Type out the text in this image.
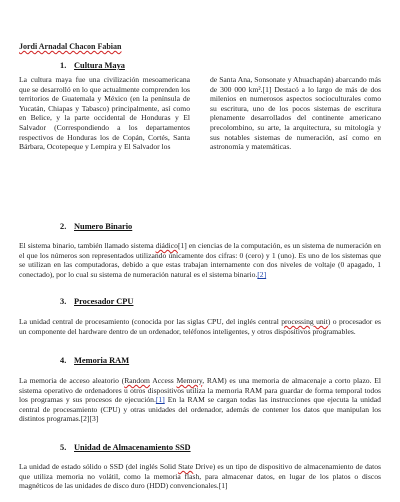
Jordi Arnadal Chacon Fabian
1. Cultura Maya

La cultura maya fue una civilización mesoamericana que se desarrolló en lo que actualmente comprenden los territorios de Guatemala y México (en la península de Yucatán, Chiapas y Tabasco) principalmente, así como en Belice, y la parte occidental de Honduras y El Salvador (Correspondiendo a los departamentos respectivos de Honduras los de Copán, Cortés, Santa Bárbara, Ocotepeque y Lempira y El Salvador los

de Santa Ana, Sonsonate y Ahuachapán) abarcando más de 300 000 km².[1] Destacó a lo largo de más de dos milenios en numerosos aspectos socioculturales como su escritura, uno de los pocos sistemas de escritura plenamente desarrollados del continente americano precolombino, su arte, la arquitectura, su mitología y sus notables sistemas de numeración, así como en astronomía y matemáticas.

2. Numero Binario

El sistema binario, también llamado sistema diádico[1] en ciencias de la computación, es un sistema de numeración en el que los números son representados utilizando únicamente dos cifras: 0 (cero) y 1 (uno). Es uno de los sistemas que se utilizan en las computadoras, debido a que estas trabajan internamente con dos niveles de voltaje (0 apagado, 1 conectado), por lo cual su sistema de numeración natural es el sistema binario.[2]

3. Procesador CPU

La unidad central de procesamiento (conocida por las siglas CPU, del inglés central processing unit) o procesador es un componente del hardware dentro de un ordenador, teléfonos inteligentes, y otros dispositivos programables.

4. Memoria RAM

La memoria de acceso aleatorio (Random Access Memory, RAM) es una memoria de almacenaje a corto plazo. El sistema operativo de ordenadores u otros dispositivos utiliza la memoria RAM para guardar de forma temporal todos los programas y sus procesos de ejecución.[1] En la RAM se cargan todas las instrucciones que ejecuta la unidad central de procesamiento (CPU) y otras unidades del ordenador, además de contener los datos que manipulan los distintos programas.[2][3]

5. Unidad de Almacenamiento SSD

La unidad de estado sólido o SSD (del inglés Solid State Drive) es un tipo de dispositivo de almacenamiento de datos que utiliza memoria no volátil, como la memoria flash, para almacenar datos, en lugar de los platos o discos magnéticos de las unidades de disco duro (HDD) convencionales.[1]
